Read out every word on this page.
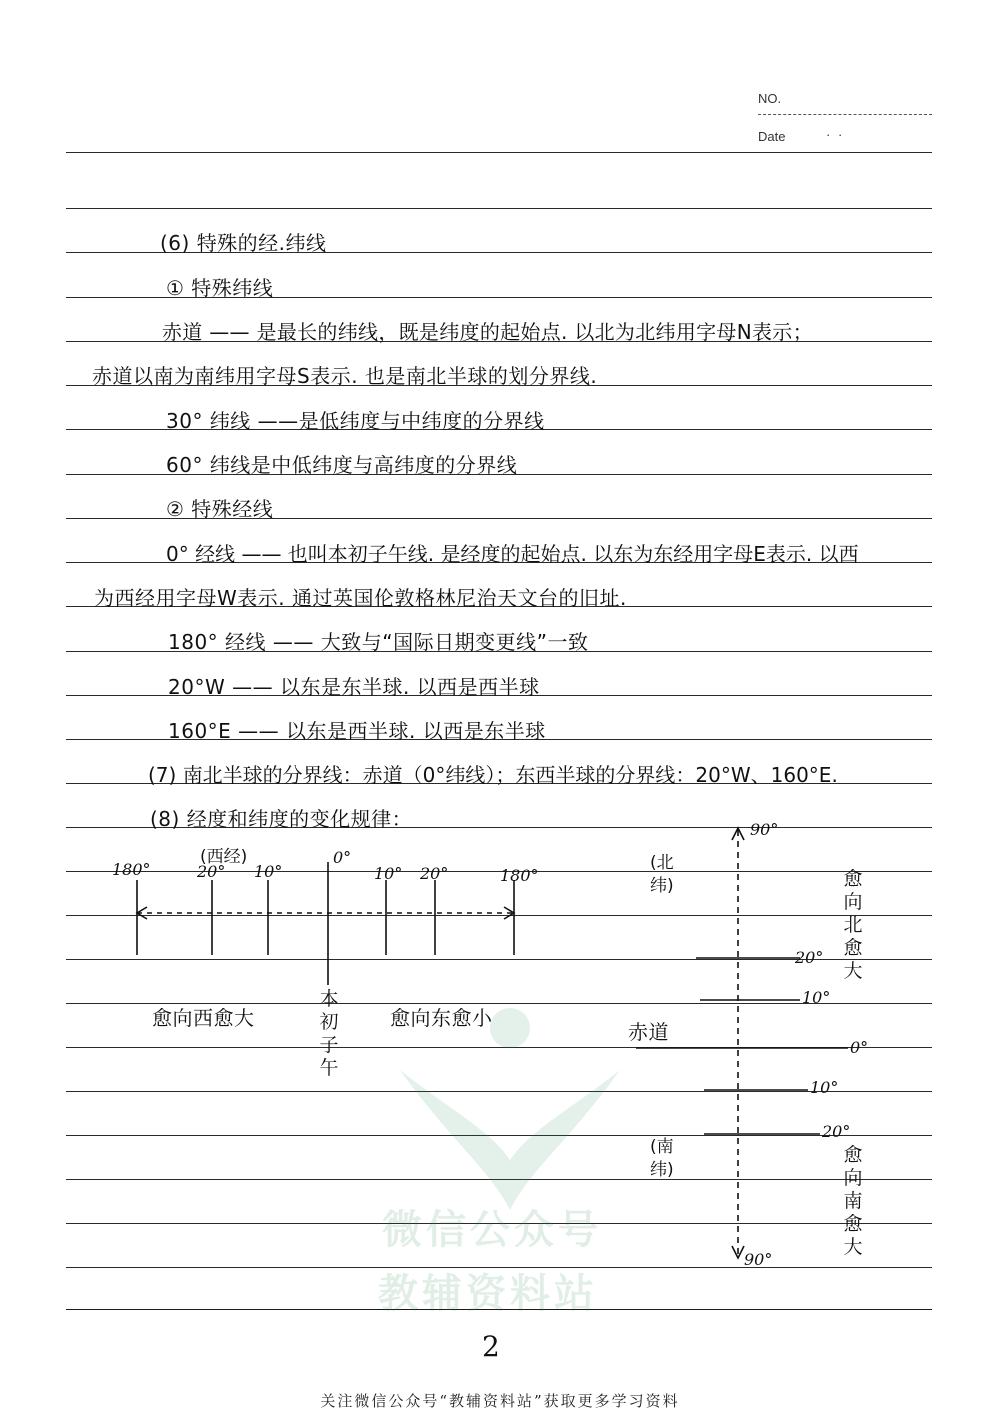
NO.
Date	· ·
(6) 特殊的经.纬线
① 特殊纬线
赤道 —— 是最长的纬线，既是纬度的起始点. 以北为北纬用字母N表示；
赤道以南为南纬用字母S表示. 也是南北半球的划分界线.
30° 纬线 ——是低纬度与中纬度的分界线
60° 纬线是中低纬度与高纬度的分界线
② 特殊经线
0° 经线 —— 也叫本初子午线. 是经度的起始点. 以东为东经用字母E表示. 以西
为西经用字母W表示. 通过英国伦敦格林尼治天文台的旧址.
180° 经线 —— 大致与“国际日期变更线”一致
20°W —— 以东是东半球. 以西是西半球
160°E —— 以东是西半球. 以西是东半球
(7) 南北半球的分界线：赤道（0°纬线）；东西半球的分界线：20°W、160°E.
(8) 经度和纬度的变化规律：
(西经)
180°	20° 10°
0°
10° 20°	180°
愈向西愈大	愈向东愈小
本初子午
90°
90°
(北纬)
(南纬)
赤道
愈向北愈大
愈向南愈大
20°
10°
0°
10°
20°
微信公众号
教辅资料站
2
关注微信公众号“教辅资料站”获取更多学习资料
